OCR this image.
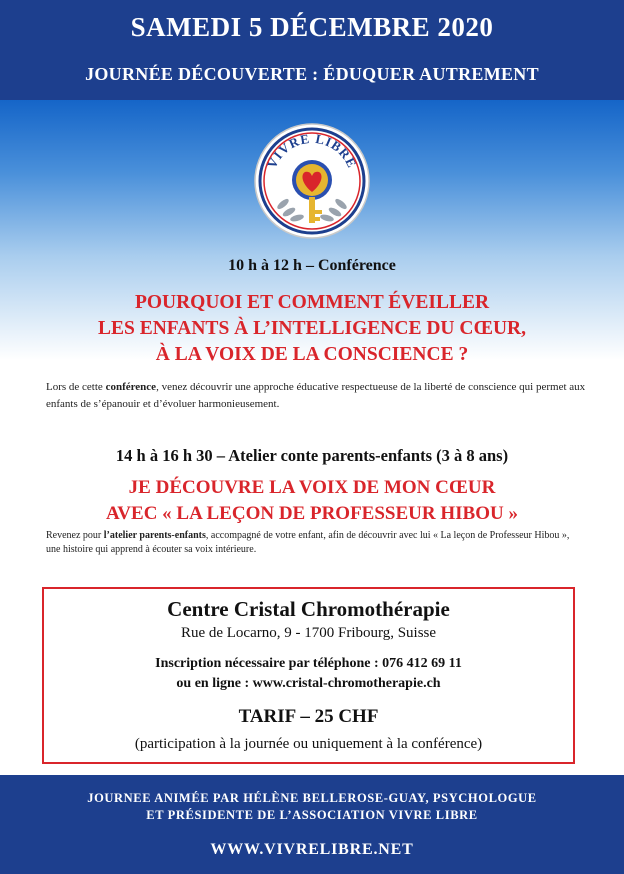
SAMEDI 5 DÉCEMBRE 2020
JOURNÉE DÉCOUVERTE : ÉDUQUER AUTREMENT
VIVRE LIBRE
10 h à 12 h – Conférence
POURQUOI ET COMMENT ÉVEILLER
LES ENFANTS À L’INTELLIGENCE DU CŒUR,
À LA VOIX DE LA CONSCIENCE ?
Lors de cette conférence, venez découvrir une approche éducative respectueuse de la liberté de conscience qui permet aux enfants de s’épanouir et d’évoluer harmonieusement.
14 h à 16 h 30 – Atelier conte parents-enfants (3 à 8 ans)
JE DÉCOUVRE LA VOIX DE MON CŒUR
AVEC « LA LEÇON DE PROFESSEUR HIBOU »
Revenez pour l’atelier parents-enfants, accompagné de votre enfant, afin de découvrir avec lui « La leçon de Professeur Hibou », une histoire qui apprend à écouter sa voix intérieure.
Centre Cristal Chromothérapie
Rue de Locarno, 9 - 1700 Fribourg, Suisse
Inscription nécessaire par téléphone : 076 412 69 11
ou en ligne : www.cristal-chromotherapie.ch
TARIF – 25 CHF
(participation à la journée ou uniquement à la conférence)
JOURNEE ANIMÉE PAR HÉLÈNE BELLEROSE-GUAY, PSYCHOLOGUE
ET PRÉSIDENTE DE L’ASSOCIATION VIVRE LIBRE
WWW.VIVRELIBRE.NET
